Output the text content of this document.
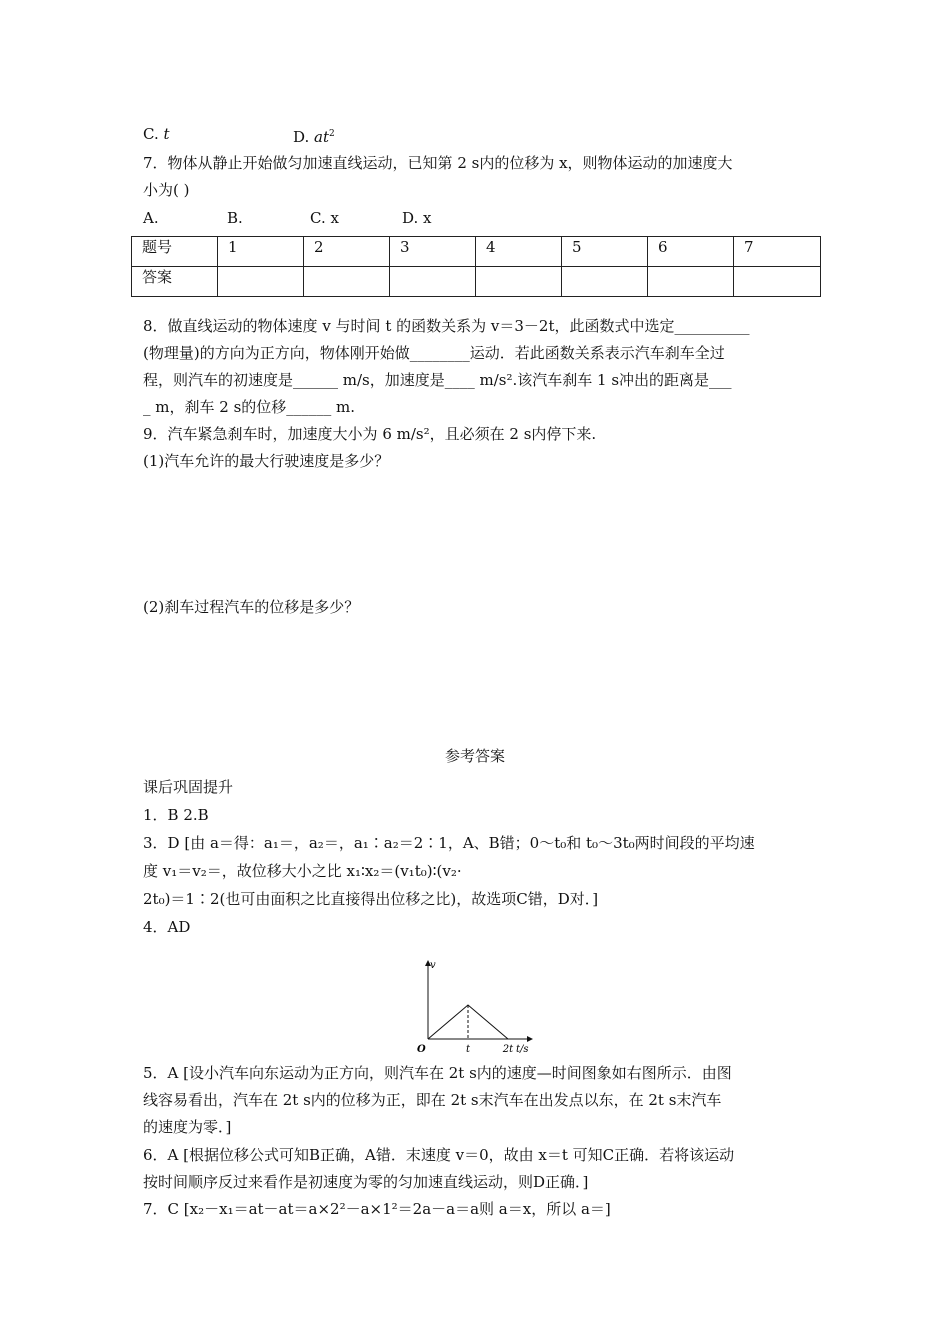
C. t	D. $at^2$
7．物体从静止开始做匀加速直线运动，已知第 2 s内的位移为 x，则物体运动的加速度大
小为( )
A.	B.	C. x	D. x
题号	1	2	3	4	5	6	7
答案							
8．做直线运动的物体速度 v 与时间 t 的函数关系为 v＝3－2t，此函数式中选定__________
(物理量)的方向为正方向，物体刚开始做________运动．若此函数关系表示汽车刹车全过
程，则汽车的初速度是______ m/s，加速度是____ m/s².该汽车刹车 1 s冲出的距离是___
_ m，刹车 2 s的位移______ m.
9．汽车紧急刹车时，加速度大小为 6 m/s²，且必须在 2 s内停下来.
(1)汽车允许的最大行驶速度是多少？
(2)刹车过程汽车的位移是多少？
参考答案
课后巩固提升
1．B 2.B
3．D [由 a＝得：a₁＝，a₂＝，a₁∶a₂＝2∶1，A、B错；0～t₀和 t₀～3t₀两时间段的平均速
度 v₁＝v₂＝，故位移大小之比 x₁∶x₂＝(v₁t₀)∶(v₂·
2t₀)＝1∶2(也可由面积之比直接得出位移之比)，故选项C错，D对．]
4．AD
v
O	t	2t t/s
5．A [设小汽车向东运动为正方向，则汽车在 2t s内的速度—时间图象如右图所示．由图
线容易看出，汽车在 2t s内的位移为正，即在 2t s末汽车在出发点以东，在 2t s末汽车
的速度为零．]
6．A [根据位移公式可知B正确，A错．末速度 v＝0，故由 x＝t 可知C正确．若将该运动
按时间顺序反过来看作是初速度为零的匀加速直线运动，则D正确．]
7．C [x₂－x₁＝at－at＝a×2²－a×1²＝2a－a＝a则 a＝x，所以 a＝]
